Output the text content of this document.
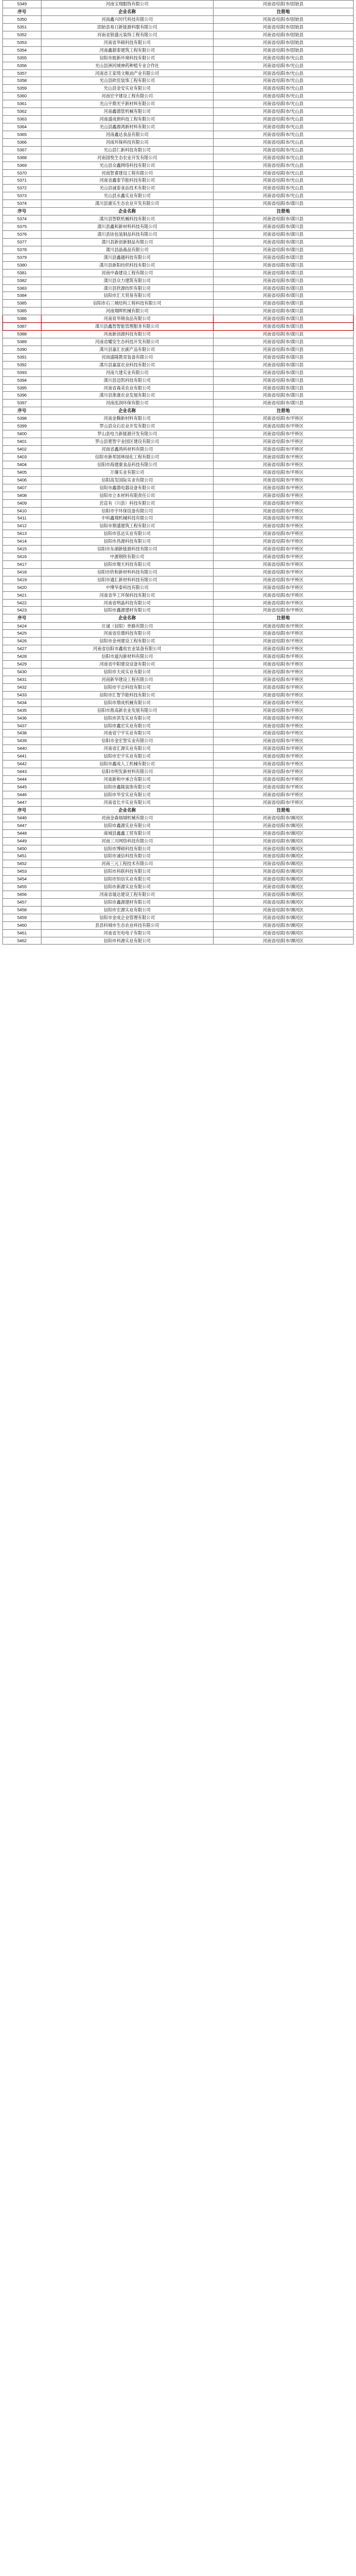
5349	河南宝翔服饰有限公司	河南省/信阳市/固始县
序号	企业名称	注册地
5350	河南鑫兴时代科技有限公司	河南省/信阳市/固始县
5351	固始县易日新能源科服有限公司	河南省/信阳市/固始县
5352	河南省银盛元装饰工程有限公司	河南省/信阳市/固始县
5353	河南省华硕科技有限公司	河南省/信阳市/固始县
5354	河南鑫源泰建筑工程有限公司	河南省/信阳市/固始县
5355	信阳市振新环境科技有限公司	河南省/信阳市/光山县
5356	光山县洲河城神药种植专业合作社	河南省/信阳市/光山县
5357	河南省王家塆文粮油产业有限公司	河南省/信阳市/光山县
5358	光山县欧佳装饰工程有限公司	河南省/信阳市/光山县
5359	光山县金安实业有限公司	河南省/信阳市/光山县
5360	河南宏宇建设工程有限公司	河南省/信阳市/光山县
5361	光山宇鼎光宇新材料有限公司	河南省/信阳市/光山县
5362	河南鑫德管机械有限公司	河南省/信阳市/光山县
5363	河南盛成朗科技工程有限公司	河南省/信阳市/光山县
5364	光山县鑫源鸿新材料有限公司	河南省/信阳市/光山县
5365	河南鑫达食品有限公司	河南省/信阳市/光山县
5366	河南环保科技有限公司	河南省/信阳市/光山县
5367	光山县仁新科技有限公司	河南省/信阳市/光山县
5368	河南国悦生态农业开发有限公司	河南省/信阳市/光山县
5369	光山县众鑫网络科技有限公司	河南省/信阳市/光山县
5370	河南智睿建设工程有限公司	河南省/信阳市/光山县
5371	河南省鑫泰节能科技有限公司	河南省/信阳市/光山县
5372	光山县诚泰食品技术有限公司	河南省/信阳市/光山县
5373	光山县永鑫实业有限公司	河南省/信阳市/光山县
5374	潢川县康乐生态农业开发有限公司	河南省/信阳市/潢川县
序号	企业名称	注册地
5374	潢川县智联机械科技有限公司	河南省/信阳市/潢川县
5375	潢川县鑫和新材料科技有限公司	河南省/信阳市/潢川县
5376	潢川县协包装制品科技有限公司	河南省/信阳市/潢川县
5377	潢川县新创新制品有限公司	河南省/信阳市/潢川县
5378	潢川县晶森品有限公司	河南省/信阳市/潢川县
5379	潢川县鑫越科技有限公司	河南省/信阳市/潢川县
5380	潢川县新阳纺织科技有限公司	河南省/信阳市/潢川县
5381	河南中森建设工程有限公司	河南省/信阳市/潢川县
5382	潢川县众力建筑有限公司	河南省/信阳市/潢川县
5383	潢川县欣源纺织有限公司	河南省/信阳市/潢川县
5384	信阳市汇天贸易有限公司	河南省/信阳市/潢川县
5385	信阳市石三城结构工程科技有限公司	河南省/信阳市/潢川县
5385	河南翔晖机械有限公司	河南省/信阳市/潢川县
5386	河南育华锦食品有限公司	河南省/信阳市/潢川县
5387	潢川县鑫智智能管理服务有限公司	河南省/信阳市/潢川县
5388	河南新创源科技有限公司	河南省/信阳市/潢川县
5389	河南省耀安生态科技开发有限公司	河南省/信阳市/潢川县
5390	潢川县嘉汇农副产品有限公司	河南省/信阳市/潢川县
5391	河南盛隆教育装备有限公司	河南省/信阳市/潢川县
5392	潢川县嘉富农业科技有限公司	河南省/信阳市/潢川县
5393	河南九建实业有限公司	河南省/信阳市/潢川县
5394	潢川县迈凯科技有限公司	河南省/信阳市/潢川县
5395	河南省森美农业有限公司	河南省/信阳市/潢川县
5396	潢川县淮康农业发展有限公司	河南省/信阳市/潢川县
5397	河南泓润环保有限公司	河南省/信阳市/潢川县
序号	企业名称	注册地
5398	河南金腾新材料有限公司	河南省/信阳市/平桥区
5399	罗山县众石农业开发有限公司	河南省/信阳市/平桥区
5400	罗山县电力新能源开发有限公司	河南省/信阳市/平桥区
5401	罗山县楚智宇业园区建设有限公司	河南省/信阳市/平桥区
5402	河南省鑫鸿科材料有限公司	河南省/信阳市/平桥区
5403	信阳市新邦园林绿化工程有限公司	河南省/信阳市/平桥区
5404	信阳市海建康食品科技有限公司	河南省/信阳市/平桥区
5405	万廉实业有限公司	河南省/信阳市/平桥区
5406	信阳高发国际实业有限公司	河南省/信阳市/平桥区
5407	信阳市鑫德电器设备有限公司	河南省/信阳市/平桥区
5408	信阳市立本材料有限责任公司	河南省/信阳市/平桥区
5409	岩直有（川县）科技有限公司	河南省/信阳市/平桥区
5410	信阳市宇环保设备有限公司	河南省/信阳市/平桥区
5411	中科鑫翔机械科技有限公司	河南省/信阳市/平桥区
5412	信阳市鼎盛建筑工程有限公司	河南省/信阳市/平桥区
5413	信阳市泓达实业有限公司	河南省/信阳市/平桥区
5414	信阳市昌源科技有限公司	河南省/信阳市/平桥区
5415	信阳市东湖新能源科技有限公司	河南省/信阳市/平桥区
5416	中源钢铁有限公司	河南省/信阳市/平桥区
5417	信阳市翔天科技有限公司	河南省/信阳市/平桥区
5418	信阳市欣和新材料科技有限公司	河南省/信阳市/平桥区
5419	信阳市通汇新材料科技有限公司	河南省/信阳市/平桥区
5420	中博华泰科技有限公司	河南省/信阳市/平桥区
5421	河南省华工环保科技有限公司	河南省/信阳市/平桥区
5422	河南省明晶科技有限公司	河南省/信阳市/平桥区
5423	信阳市鑫源建材有限公司	河南省/信阳市/平桥区
序号	企业名称	注册地
5424	庄诚（信阳）单路有限公司	河南省/信阳市/平桥区
5425	河南省佳德科技有限公司	河南省/信阳市/平桥区
5426	信阳市金州建设工程有限公司	河南省/信阳市/平桥区
5427	河南省信阳市鑫收农业装备有限公司	河南省/信阳市/平桥区
5428	信阳市道沟新材料有限公司	河南省/信阳市/平桥区
5429	河南省中阳建设设备有限公司	河南省/信阳市/平桥区
5430	信阳市天成实业有限公司	河南省/信阳市/平桥区
5431	河南新华建设工程有限公司	河南省/信阳市/平桥区
5432	信阳市宇志科技有限公司	河南省/信阳市/平桥区
5433	信阳市汇智节能科技有限公司	河南省/信阳市/平桥区
5434	信阳市鼎成机械有限公司	河南省/信阳市/平桥区
5435	信阳市淮高新农业发展有限公司	河南省/信阳市/平桥区
5436	信阳市洪发实业有限公司	河南省/信阳市/平桥区
5437	信阳市鑫宏实业有限公司	河南省/信阳市/平桥区
5438	河南省宁宇实业有限公司	河南省/信阳市/平桥区
5439	信阳市金宏智实业有限公司	河南省/信阳市/平桥区
5440	河南省汇源实业有限公司	河南省/信阳市/平桥区
5441	信阳市宏宇实业有限公司	河南省/信阳市/平桥区
5442	信阳市鑫成人工机械有限公司	河南省/信阳市/平桥区
5443	信阳市明发新材料有限公司	河南省/信阳市/平桥区
5444	河南新和中承合有限公司	河南省/信阳市/平桥区
5445	信阳市鑫隆装饰有限公司	河南省/信阳市/平桥区
5446	信阳市华安实业有限公司	河南省/信阳市/平桥区
5447	河南省长丰实业有限公司	河南省/信阳市/平桥区
序号	企业名称	注册地
5446	河南金森瑞城机械有限公司	河南省/信阳市/浉河区
5447	信阳市鑫源实业有限公司	河南省/信阳市/浉河区
5448	商城县鑫鑫工贸有限公司	河南省/信阳市/浉河区
5449	河南三川网络科技有限公司	河南省/信阳市/浉河区
5450	信阳市博硕科技有限公司	河南省/信阳市/浉河区
5451	信阳市诚信科技有限公司	河南省/信阳市/浉河区
5452	河南三元工程技术有限公司	河南省/信阳市/浉河区
5453	信阳市科联科技有限公司	河南省/信阳市/浉河区
5454	信阳市恒信实业有限公司	河南省/信阳市/浉河区
5455	信阳市新源实业有限公司	河南省/信阳市/浉河区
5456	河南省晟达建设工程有限公司	河南省/信阳市/浉河区
5457	信阳市鑫源建材有限公司	河南省/信阳市/浉河区
5458	信阳市宏源实业有限公司	河南省/信阳市/浉河区
5459	信阳市金成企业管理有限公司	河南省/信阳市/浉河区
5460	县县科城市生态农业科技有限公司	河南省/信阳市/浉河区
5461	河南省光电电子有限公司	河南省/信阳市/浉河区
5462	信阳市科源实业有限公司	河南省/信阳市/浉河区
